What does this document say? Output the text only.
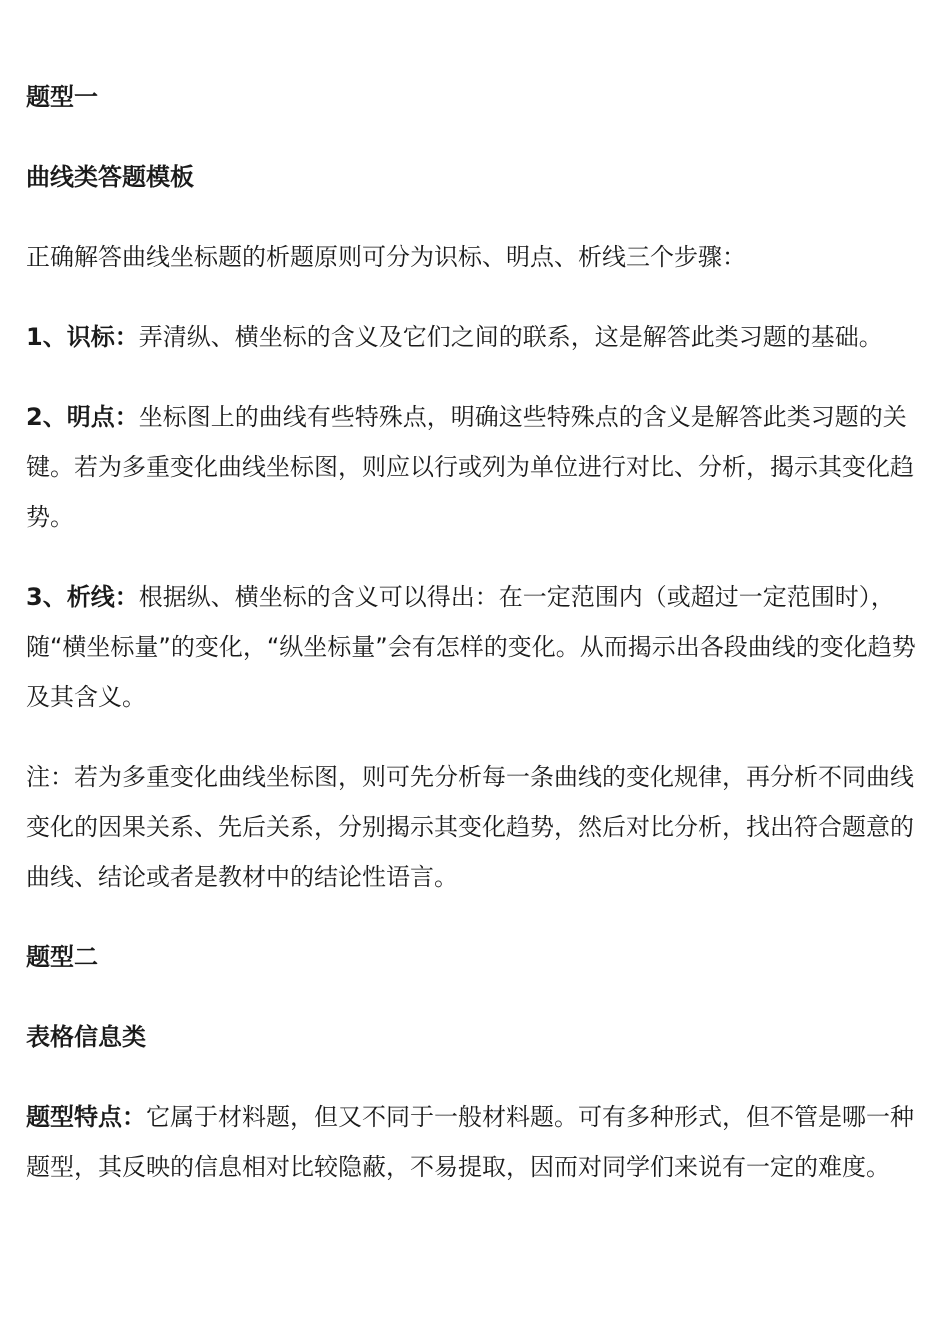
题型一

曲线类答题模板

正确解答曲线坐标题的析题原则可分为识标、明点、析线三个步骤：

1、识标：弄清纵、横坐标的含义及它们之间的联系，这是解答此类习题的基础。

2、明点：坐标图上的曲线有些特殊点，明确这些特殊点的含义是解答此类习题的关键。若为多重变化曲线坐标图，则应以行或列为单位进行对比、分析，揭示其变化趋势。

3、析线：根据纵、横坐标的含义可以得出：在一定范围内（或超过一定范围时），随“横坐标量”的变化，“纵坐标量”会有怎样的变化。从而揭示出各段曲线的变化趋势及其含义。

注：若为多重变化曲线坐标图，则可先分析每一条曲线的变化规律，再分析不同曲线变化的因果关系、先后关系，分别揭示其变化趋势，然后对比分析，找出符合题意的曲线、结论或者是教材中的结论性语言。

题型二

表格信息类

题型特点：它属于材料题，但又不同于一般材料题。可有多种形式，但不管是哪一种题型，其反映的信息相对比较隐蔽，不易提取，因而对同学们来说有一定的难度。
